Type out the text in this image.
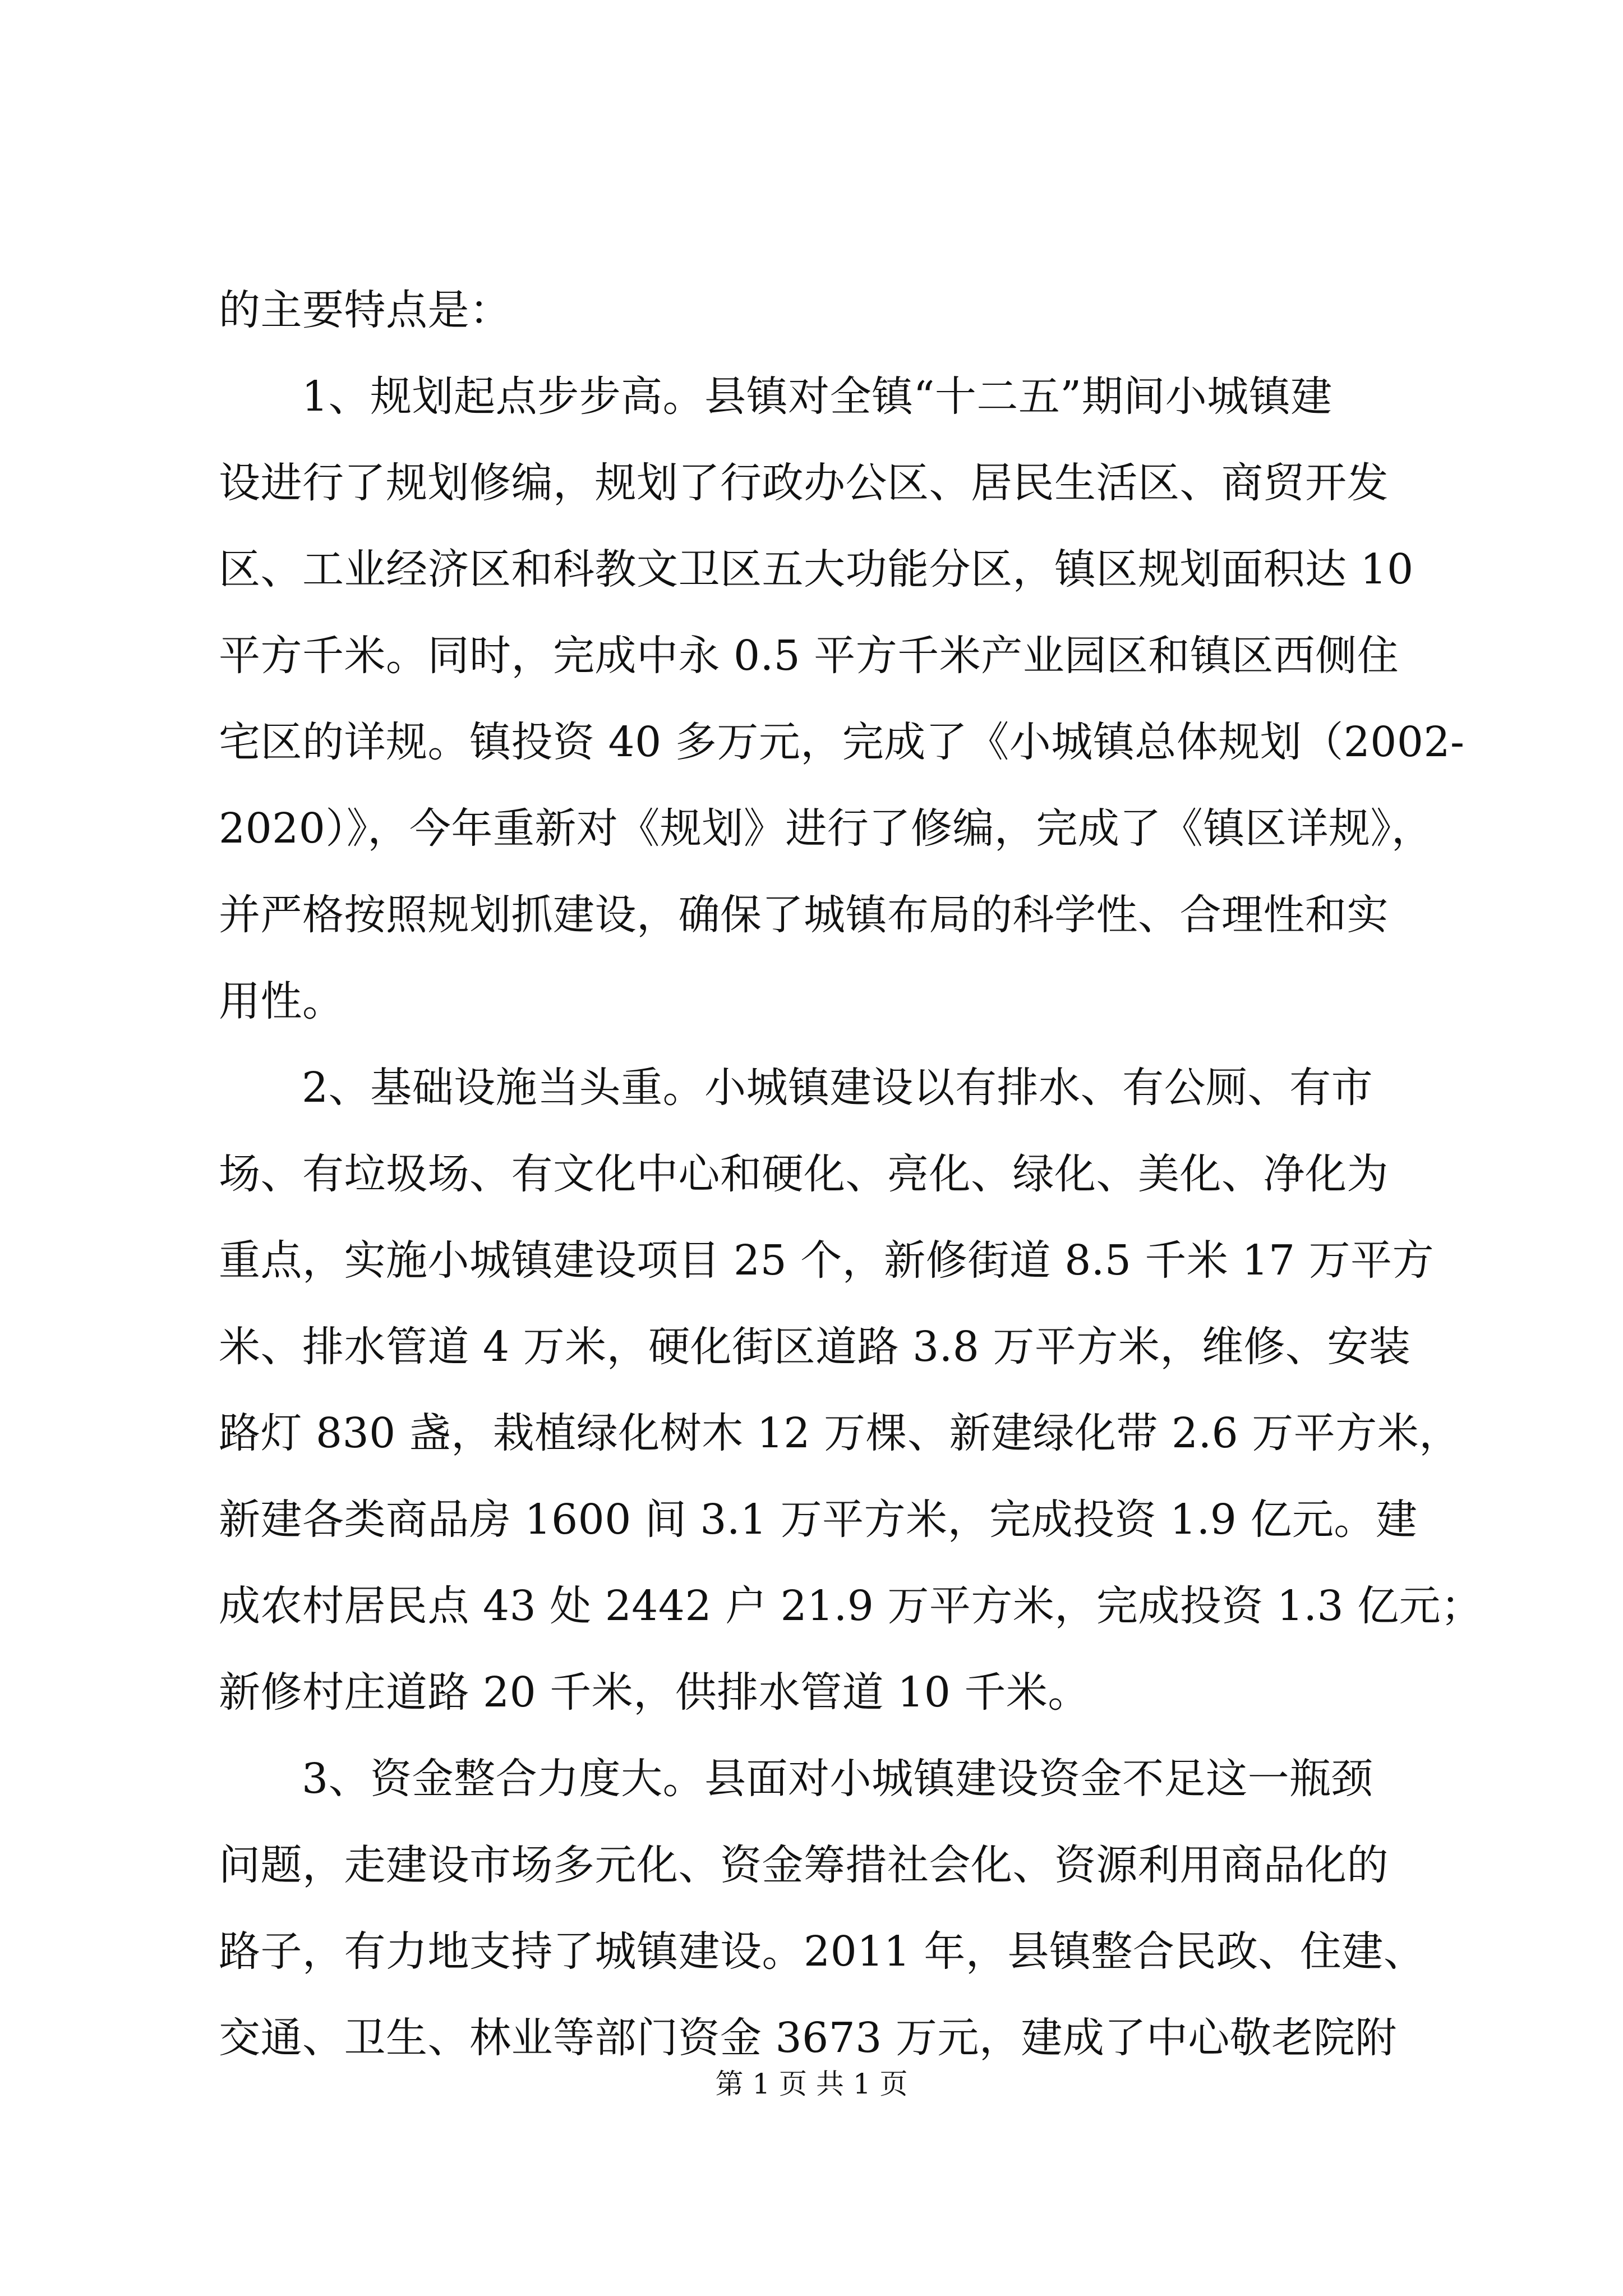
的主要特点是：
1、规划起点步步高。县镇对全镇“十二五”期间小城镇建
设进行了规划修编，规划了行政办公区、居民生活区、商贸开发
区、工业经济区和科教文卫区五大功能分区，镇区规划面积达 10
平方千米。同时，完成中永 0.5 平方千米产业园区和镇区西侧住
宅区的详规。镇投资 40 多万元，完成了《小城镇总体规划（2002-
2020）》，今年重新对《规划》进行了修编，完成了《镇区详规》，
并严格按照规划抓建设，确保了城镇布局的科学性、合理性和实
用性。
2、基础设施当头重。小城镇建设以有排水、有公厕、有市
场、有垃圾场、有文化中心和硬化、亮化、绿化、美化、净化为
重点，实施小城镇建设项目 25 个，新修街道 8.5 千米 17 万平方
米、排水管道 4 万米，硬化街区道路 3.8 万平方米，维修、安装
路灯 830 盏，栽植绿化树木 12 万棵、新建绿化带 2.6 万平方米，
新建各类商品房 1600 间 3.1 万平方米，完成投资 1.9 亿元。建
成农村居民点 43 处 2442 户 21.9 万平方米，完成投资 1.3 亿元；
新修村庄道路 20 千米，供排水管道 10 千米。
3、资金整合力度大。县面对小城镇建设资金不足这一瓶颈
问题，走建设市场多元化、资金筹措社会化、资源利用商品化的
路子，有力地支持了城镇建设。2011 年，县镇整合民政、住建、
交通、卫生、林业等部门资金 3673 万元，建成了中心敬老院附
第 1 页 共 1 页
